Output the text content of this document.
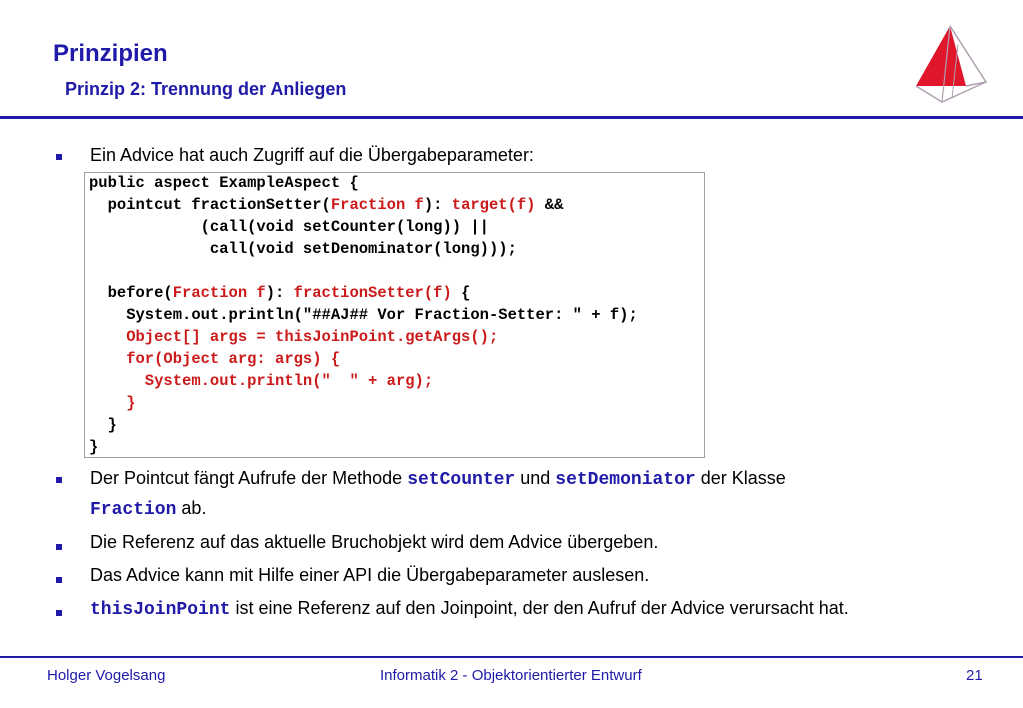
Prinzipien
Prinzip 2: Trennung der Anliegen
Ein Advice hat auch Zugriff auf die Übergabeparameter:
public aspect ExampleAspect {
pointcut fractionSetter(Fraction f): target(f) &&
(call(void setCounter(long)) ||
call(void setDenominator(long)));

before(Fraction f): fractionSetter(f) {
System.out.println("##AJ## Vor Fraction-Setter: " + f);
Object[] args = thisJoinPoint.getArgs();
for(Object arg: args) {
System.out.println("  " + arg);
}
}
}
Der Pointcut fängt Aufrufe der Methode setCounter und setDemoniator der Klasse
Fraction ab.
Die Referenz auf das aktuelle Bruchobjekt wird dem Advice übergeben.
Das Advice kann mit Hilfe einer API die Übergabeparameter auslesen.
thisJoinPoint ist eine Referenz auf den Joinpoint, der den Aufruf der Advice verursacht hat.
Holger Vogelsang	Informatik 2 - Objektorientierter Entwurf	21
